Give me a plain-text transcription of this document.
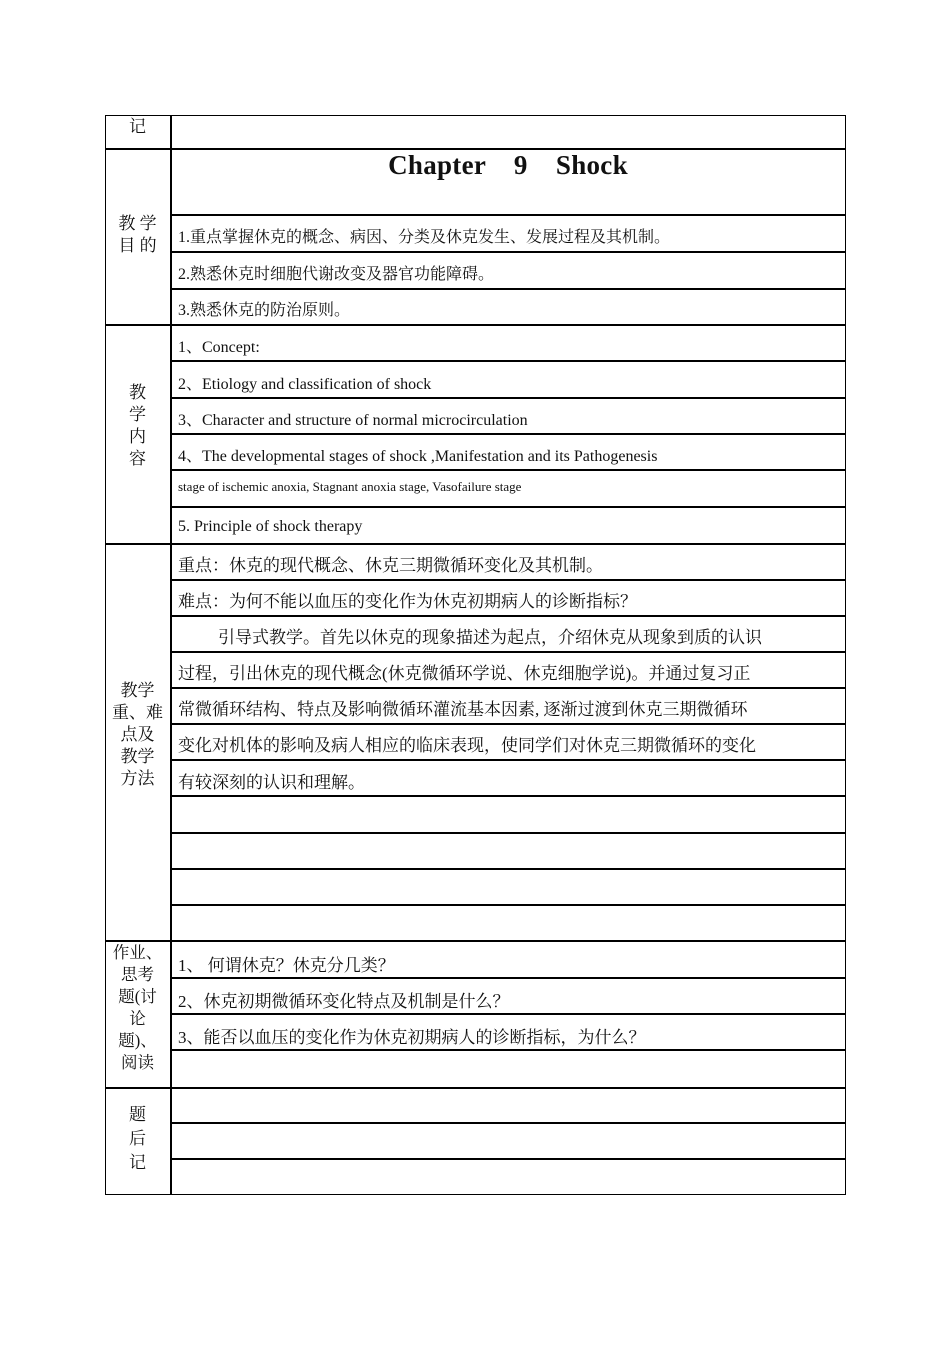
记
教 学
目 的
教
学
内
容
教学
重、难
点及
教学
方法
作业、
思考
题(讨
论
题)、
阅读
题
后
记
Chapter    9    Shock
1.重点掌握休克的概念、病因、分类及休克发生、发展过程及其机制。
2.熟悉休克时细胞代谢改变及器官功能障碍。
3.熟悉休克的防治原则。
1、Concept:
2、Etiology and classification of shock
3、Character and structure of normal microcirculation
4、The developmental stages of shock ,Manifestation and its Pathogenesis
stage of ischemic anoxia, Stagnant anoxia stage, Vasofailure stage
5. Principle of shock therapy
重点：休克的现代概念、休克三期微循环变化及其机制。
难点：为何不能以血压的变化作为休克初期病人的诊断指标？
引导式教学。首先以休克的现象描述为起点，介绍休克从现象到质的认识
过程，引出休克的现代概念(休克微循环学说、休克细胞学说)。并通过复习正
常微循环结构、特点及影响微循环灌流基本因素, 逐渐过渡到休克三期微循环
变化对机体的影响及病人相应的临床表现，使同学们对休克三期微循环的变化
有较深刻的认识和理解。
1、 何谓休克？休克分几类？
2、休克初期微循环变化特点及机制是什么？
3、能否以血压的变化作为休克初期病人的诊断指标，为什么？
